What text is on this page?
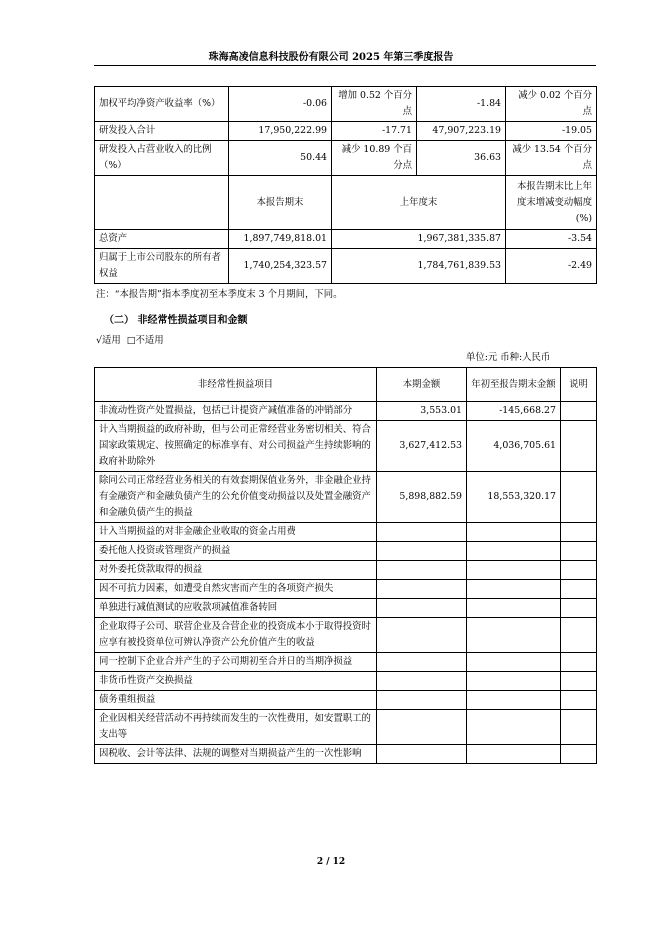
珠海高凌信息科技股份有限公司 2025 年第三季度报告
加权平均净资产收益率（%）	-0.06	增加 0.52 个百分点	-1.84	减少 0.02 个百分点
研发投入合计	17,950,222.99	-17.71	47,907,223.19	-19.05
研发投入占营业收入的比例（%）	50.44	减少 10.89 个百分点	36.63	减少 13.54 个百分点
	本报告期末	上年度末		本报告期末比上年度末增减变动幅度(%)
总资产	1,897,749,818.01	1,967,381,335.87		-3.54
归属于上市公司股东的所有者权益	1,740,254,323.57	1,784,761,839.53		-2.49
注：“本报告期”指本季度初至本季度末 3 个月期间，下同。
（二） 非经常性损益项目和金额
√适用 □不适用
单位:元 币种:人民币
非经常性损益项目	本期金额	年初至报告期末金额	说明
非流动性资产处置损益，包括已计提资产减值准备的冲销部分	3,553.01	-145,668.27	
计入当期损益的政府补助，但与公司正常经营业务密切相关、符合国家政策规定、按照确定的标准享有、对公司损益产生持续影响的政府补助除外	3,627,412.53	4,036,705.61	
除同公司正常经营业务相关的有效套期保值业务外，非金融企业持有金融资产和金融负债产生的公允价值变动损益以及处置金融资产和金融负债产生的损益	5,898,882.59	18,553,320.17	
计入当期损益的对非金融企业收取的资金占用费			
委托他人投资或管理资产的损益			
对外委托贷款取得的损益			
因不可抗力因素，如遭受自然灾害而产生的各项资产损失			
单独进行减值测试的应收款项减值准备转回			
企业取得子公司、联营企业及合营企业的投资成本小于取得投资时应享有被投资单位可辨认净资产公允价值产生的收益			
同一控制下企业合并产生的子公司期初至合并日的当期净损益			
非货币性资产交换损益			
债务重组损益			
企业因相关经营活动不再持续而发生的一次性费用，如安置职工的支出等			
因税收、会计等法律、法规的调整对当期损益产生的一次性影响			
2 / 12
